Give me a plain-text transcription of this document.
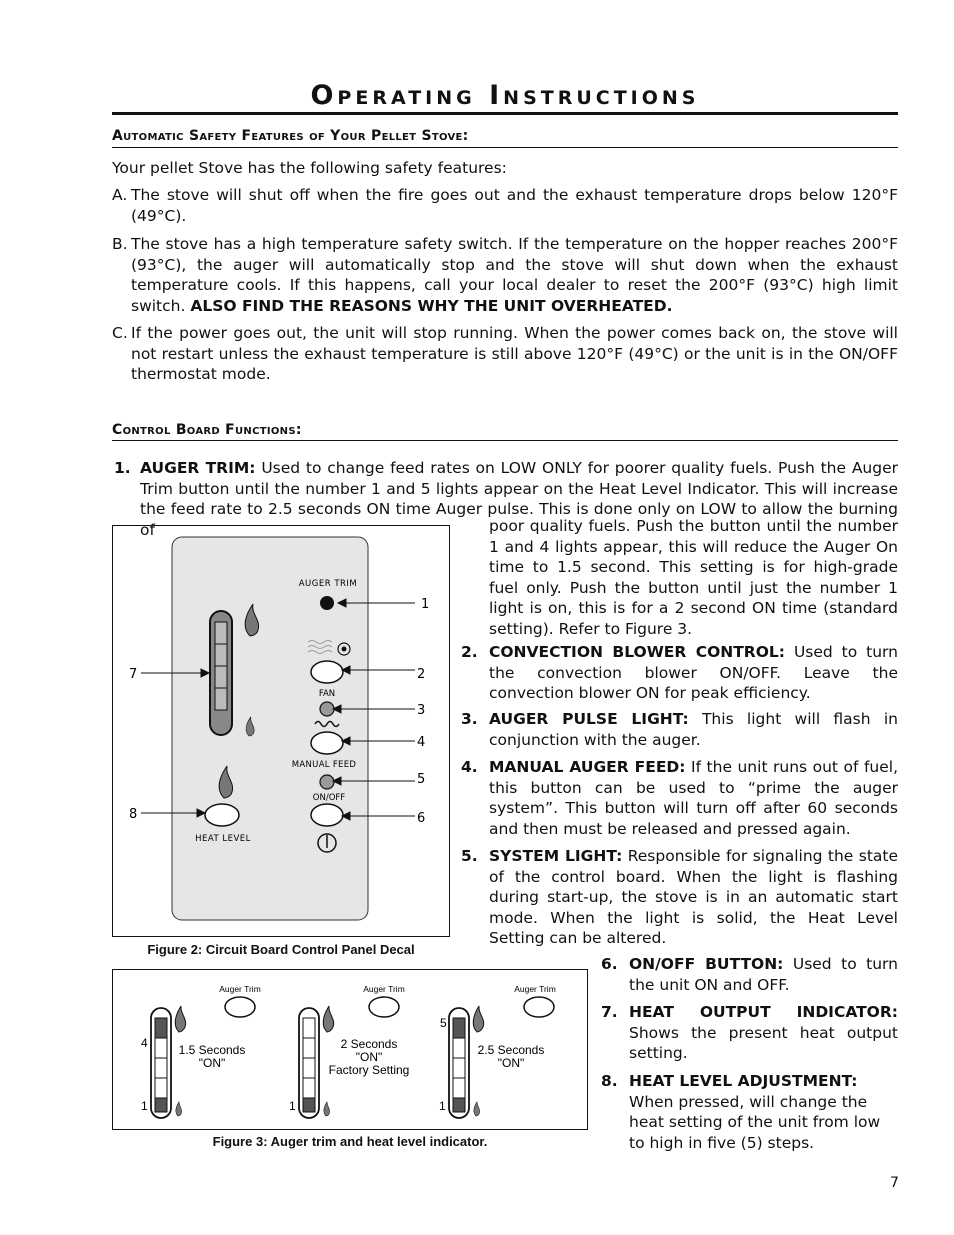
Operating Instructions
Automatic Safety Features of Your Pellet Stove:
Your pellet Stove has the following safety features:
A. The stove will shut off when the fire goes out and the exhaust temperature drops below 120°F (49°C).
B. The stove has a high temperature safety switch. If the temperature on the hopper reaches 200°F (93°C), the auger will automatically stop and the stove will shut down when the exhaust temperature cools. If this happens, call your local dealer to reset the 200°F (93°C) high limit switch. ALSO FIND THE REASONS WHY THE UNIT OVERHEATED.
C. If the power goes out, the unit will stop running. When the power comes back on, the stove will not restart unless the exhaust temperature is still above 120°F (49°C) or the unit is in the ON/OFF thermostat mode.
Control Board Functions:
1. AUGER TRIM: Used to change feed rates on LOW ONLY for poorer quality fuels. Push the Auger Trim button until the number 1 and 5 lights appear on the Heat Level Indicator. This will increase the feed rate to 2.5 seconds ON time Auger pulse. This is done only on LOW to allow the burning of	poor quality fuels. Push the button until the number 1 and 4 lights appear, this will reduce the Auger On time to 1.5 second. This setting is for high-grade fuel only. Push the button until just the number 1 light is on, this is for a 2 second ON time (standard setting). Refer to Figure 3.
2. CONVECTION BLOWER CONTROL: Used to turn the convection blower ON/OFF. Leave the convection blower ON for peak efficiency.
3. AUGER PULSE LIGHT: This light will flash in conjunction with the auger.
4. MANUAL AUGER FEED: If the unit runs out of fuel, this button can be used to “prime the auger system”. This button will turn off after 60 seconds and then must be released and pressed again.
5. SYSTEM LIGHT: Responsible for signaling the state of the control board. When the light is flashing during start-up, the stove is in an automatic start mode. When the light is solid, the Heat Level Setting can be altered.
6. ON/OFF BUTTON: Used to turn the unit ON and OFF.
7. HEAT OUTPUT INDICATOR: Shows the present heat output setting.
8. HEAT LEVEL ADJUSTMENT:
When pressed, will change the heat setting of the unit from low to high in five (5) steps.
AUGER TRIM
FAN
MANUAL FEED
ON/OFF
HEAT LEVEL
1
2
3
4
5
6
7
8
Figure 2: Circuit Board Control Panel Decal
Auger Trim
4
1
1.5 Seconds
"ON"
Auger Trim
1
2 Seconds
"ON"
Factory Setting
Auger Trim
5
1
2.5 Seconds
"ON"
Figure 3: Auger trim and heat level indicator.
7
